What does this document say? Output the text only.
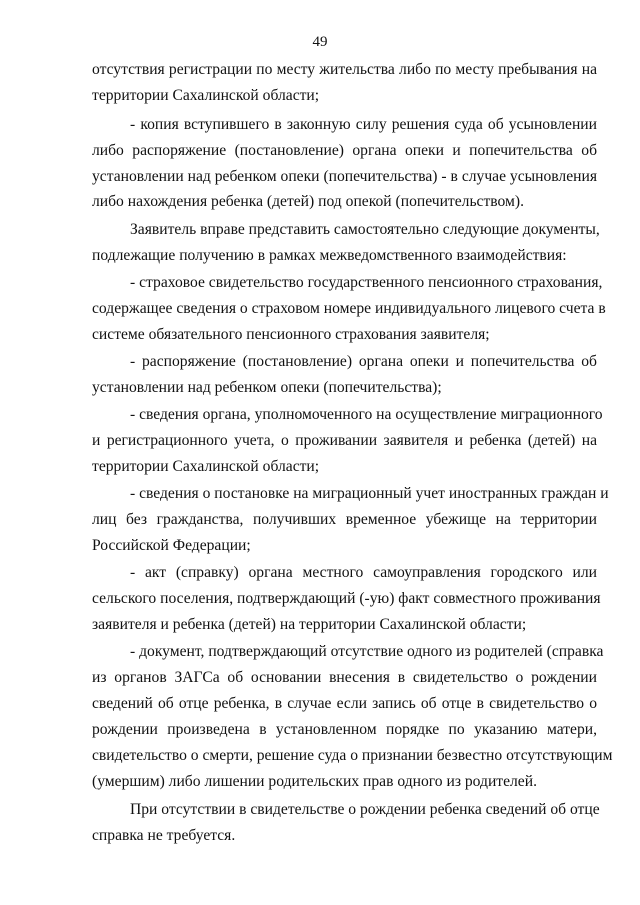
49
отсутствия регистрации по месту жительства либо по месту пребывания на
территории Сахалинской области;
- копия вступившего в законную силу решения суда об усыновлении
либо распоряжение (постановление) органа опеки и попечительства об
установлении над ребенком опеки (попечительства) - в случае усыновления
либо нахождения ребенка (детей) под опекой (попечительством).
Заявитель вправе представить самостоятельно следующие документы,
подлежащие получению в рамках межведомственного взаимодействия:
- страховое свидетельство государственного пенсионного страхования,
содержащее сведения о страховом номере индивидуального лицевого счета в
системе обязательного пенсионного страхования заявителя;
- распоряжение (постановление) органа опеки и попечительства об
установлении над ребенком опеки (попечительства);
- сведения органа, уполномоченного на осуществление миграционного
и регистрационного учета, о проживании заявителя и ребенка (детей) на
территории Сахалинской области;
- сведения о постановке на миграционный учет иностранных граждан и
лиц без гражданства, получивших временное убежище на территории
Российской Федерации;
- акт (справку) органа местного самоуправления городского или
сельского поселения, подтверждающий (-ую) факт совместного проживания
заявителя и ребенка (детей) на территории Сахалинской области;
- документ, подтверждающий отсутствие одного из родителей (справка
из органов ЗАГСа об основании внесения в свидетельство о рождении
сведений об отце ребенка, в случае если запись об отце в свидетельство о
рождении произведена в установленном порядке по указанию матери,
свидетельство о смерти, решение суда о признании безвестно отсутствующим
(умершим) либо лишении родительских прав одного из родителей.
При отсутствии в свидетельстве о рождении ребенка сведений об отце
справка не требуется.
